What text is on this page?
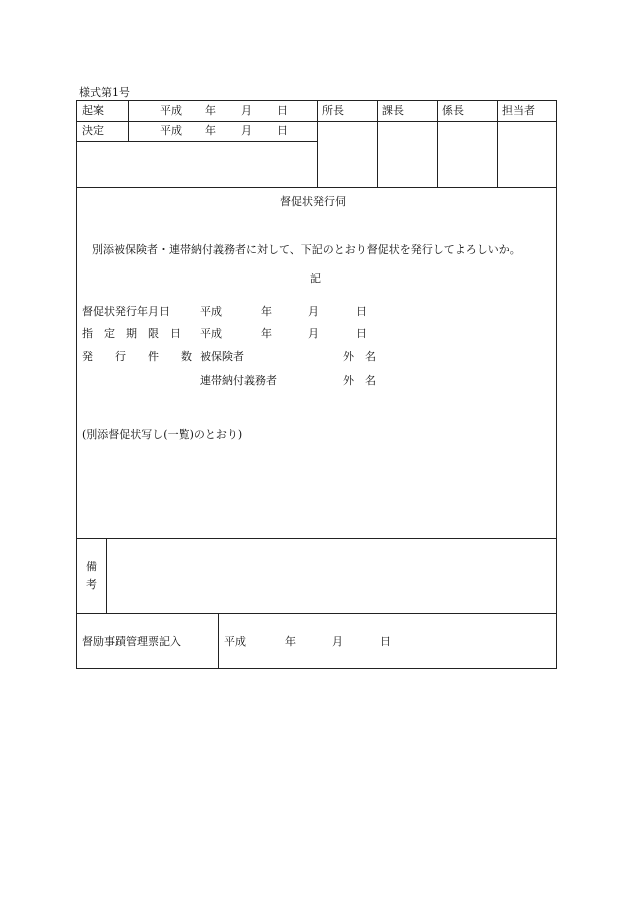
様式第1号
起案	平成 年 月 日
決定	平成 年 月 日
所長	課長	係長	担当者
督促状発行伺
別添被保険者・連帯納付義務者に対して、下記のとおり督促状を発行してよろしいか。
記
督促状発行年月日	平成	年	月	日
指　定　期　限　日 平成	年	月	日
発　　行　　件　　数 被保険者	外　名
連帯納付義務者	外　名
(別添督促状写し(一覧)のとおり)
備
考
督励事蹟管理票記入	平成	年	月	日
